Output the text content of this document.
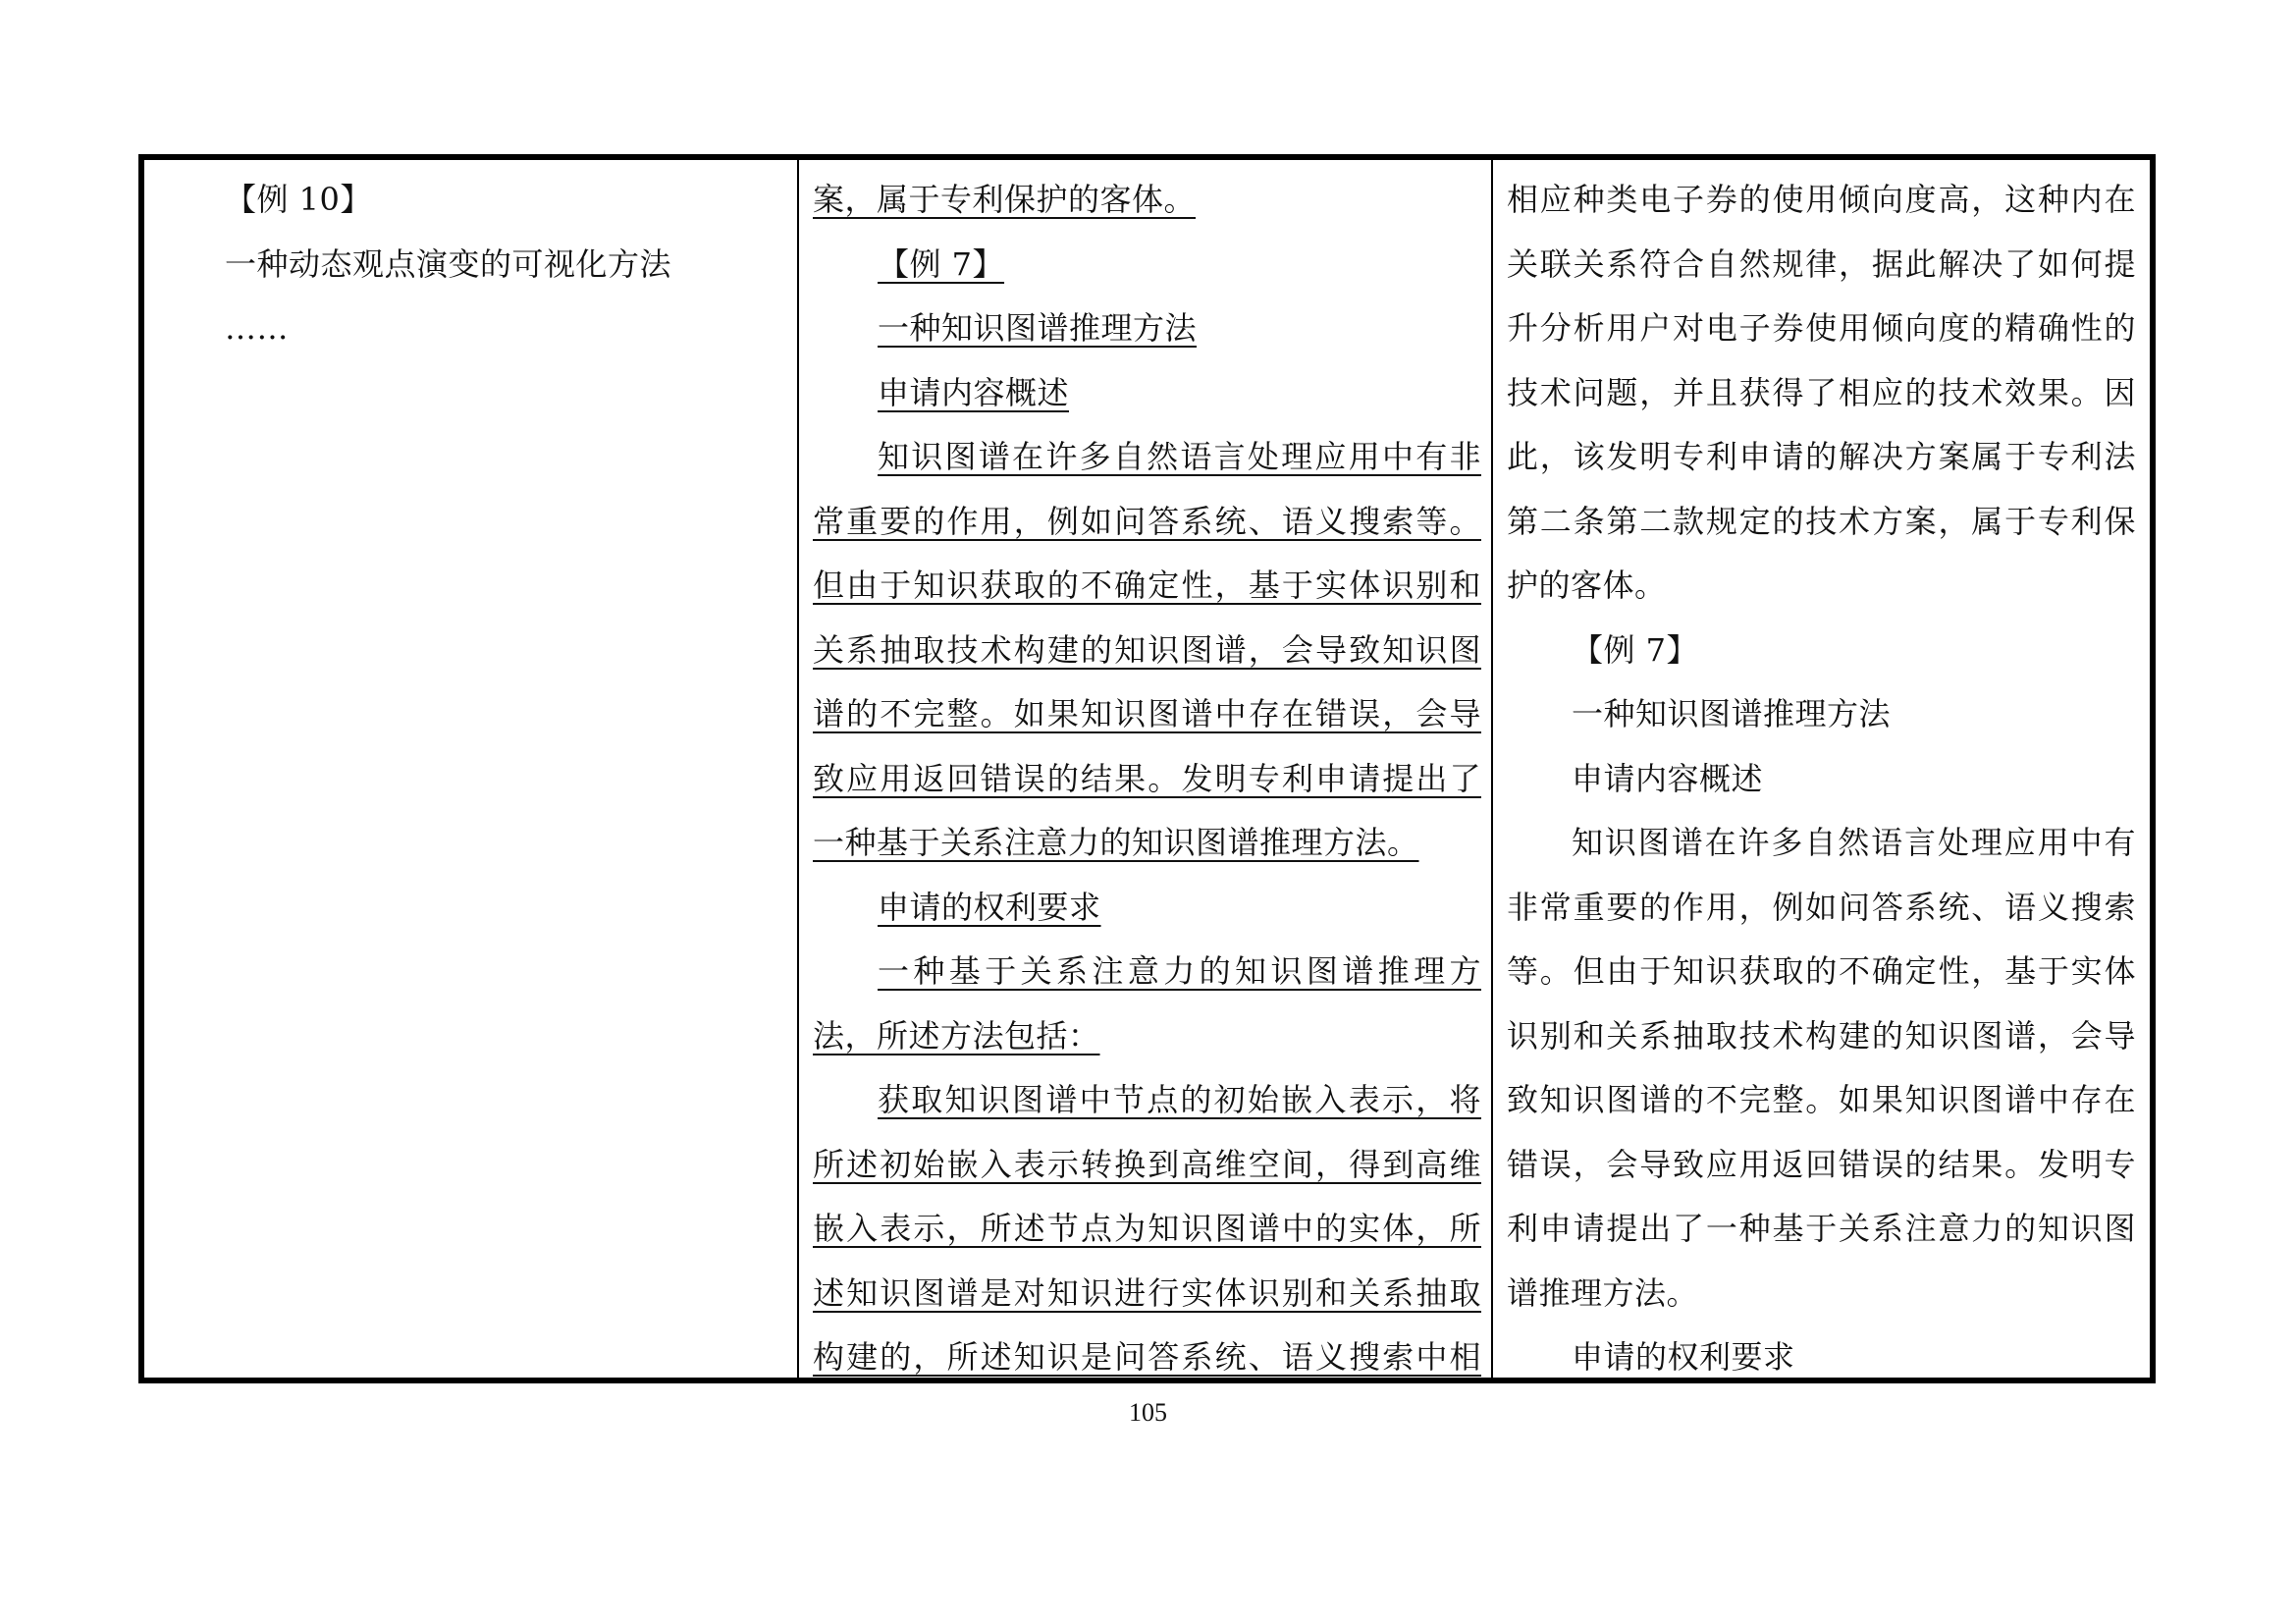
【例 10】
一种动态观点演变的可视化方法
……
案，属于专利保护的客体。
【例 7】
一种知识图谱推理方法
申请内容概述
知识图谱在许多自然语言处理应用中有非
常重要的作用，例如问答系统、语义搜索等。
但由于知识获取的不确定性，基于实体识别和
关系抽取技术构建的知识图谱，会导致知识图
谱的不完整。如果知识图谱中存在错误，会导
致应用返回错误的结果。发明专利申请提出了
一种基于关系注意力的知识图谱推理方法。
申请的权利要求
一种基于关系注意力的知识图谱推理方
法，所述方法包括：
获取知识图谱中节点的初始嵌入表示，将
所述初始嵌入表示转换到高维空间，得到高维
嵌入表示，所述节点为知识图谱中的实体，所
述知识图谱是对知识进行实体识别和关系抽取
构建的，所述知识是问答系统、语义搜索中相
相应种类电子券的使用倾向度高，这种内在
关联关系符合自然规律，据此解决了如何提
升分析用户对电子券使用倾向度的精确性的
技术问题，并且获得了相应的技术效果。因
此，该发明专利申请的解决方案属于专利法
第二条第二款规定的技术方案，属于专利保
护的客体。
【例 7】
一种知识图谱推理方法
申请内容概述
知识图谱在许多自然语言处理应用中有
非常重要的作用，例如问答系统、语义搜索
等。但由于知识获取的不确定性，基于实体
识别和关系抽取技术构建的知识图谱，会导
致知识图谱的不完整。如果知识图谱中存在
错误，会导致应用返回错误的结果。发明专
利申请提出了一种基于关系注意力的知识图
谱推理方法。
申请的权利要求
105
